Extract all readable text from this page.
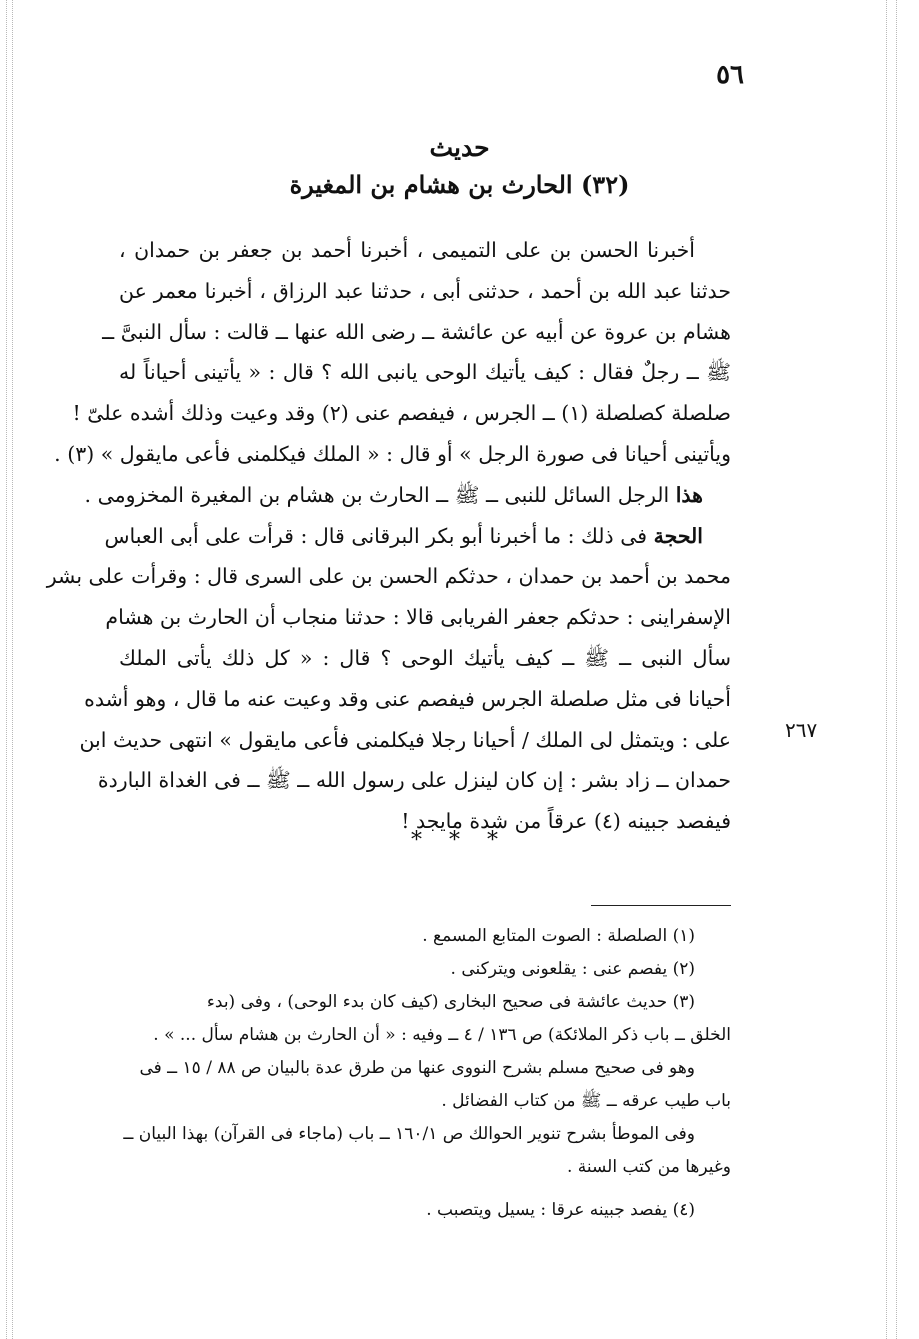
٥٦
حديث
(٣٢) الحارث بن هشام بن المغيرة
أخبرنا الحسن بن على التميمى ، أخبرنا أحمد بن جعفر بن حمدان ،
حدثنا عبد الله بن أحمد ، حدثنى أبى ، حدثنا عبد الرزاق ، أخبرنا معمر عن
هشام بن عروة عن أبيه عن عائشة ــ رضى الله عنها ــ قالت : سأل النبىَّ ــ
ﷺ ــ رجلٌ فقال : كيف يأتيك الوحى يانبى الله ؟ قال : « يأتينى أحياناً له
صلصلة كصلصلة (١) ــ الجرس ، فيفصم عنى (٢) وقد وعيت وذلك أشده علىّ !
ويأتينى أحيانا فى صورة الرجل » أو قال : « الملك فيكلمنى فأعى مايقول » (٣) .
هذا الرجل السائل للنبى ــ ﷺ ــ الحارث بن هشام بن المغيرة المخزومى .
الحجة فى ذلك : ما أخبرنا أبو بكر البرقانى قال : قرأت على أبى العباس
محمد بن أحمد بن حمدان ، حدثكم الحسن بن على السرى قال : وقرأت على بشر
الإسفراينى : حدثكم جعفر الفريابى قالا : حدثنا منجاب أن الحارث بن هشام
سأل النبى ــ ﷺ ــ كيف يأتيك الوحى ؟ قال : « كل ذلك يأتى الملك
أحيانا فى مثل صلصلة الجرس فيفصم عنى وقد وعيت عنه ما قال ، وهو أشده
على : ويتمثل لى الملك / أحيانا رجلا فيكلمنى فأعى مايقول » انتهى حديث ابن
حمدان ــ زاد بشر : إن كان لينزل على رسول الله ــ ﷺ ــ فى الغداة الباردة
فيفصد جبينه (٤) عرقاً من شدة مايجد !
٢٦٧
* * *
(١) الصلصلة : الصوت المتابع المسمع .
(٢) يفصم عنى : يقلعونى ويتركنى .
(٣) حديث عائشة فى صحيح البخارى (كيف كان بدء الوحى) ، وفى (بدء
الخلق ــ باب ذكر الملائكة) ص ١٣٦ / ٤ ــ وفيه : « أن الحارث بن هشام سأل ... » .
وهو فى صحيح مسلم بشرح النووى عنها من طرق عدة بالبيان ص ٨٨ / ١٥ ــ فى
باب طيب عرقه ــ ﷺ من كتاب الفضائل .
وفى الموطأ بشرح تنوير الحوالك ص ١٦٠/١ ــ باب (ماجاء فى القرآن) بهذا البيان ــ
وغيرها من كتب السنة .
(٤) يفصد جبينه عرقا : يسيل ويتصبب .
